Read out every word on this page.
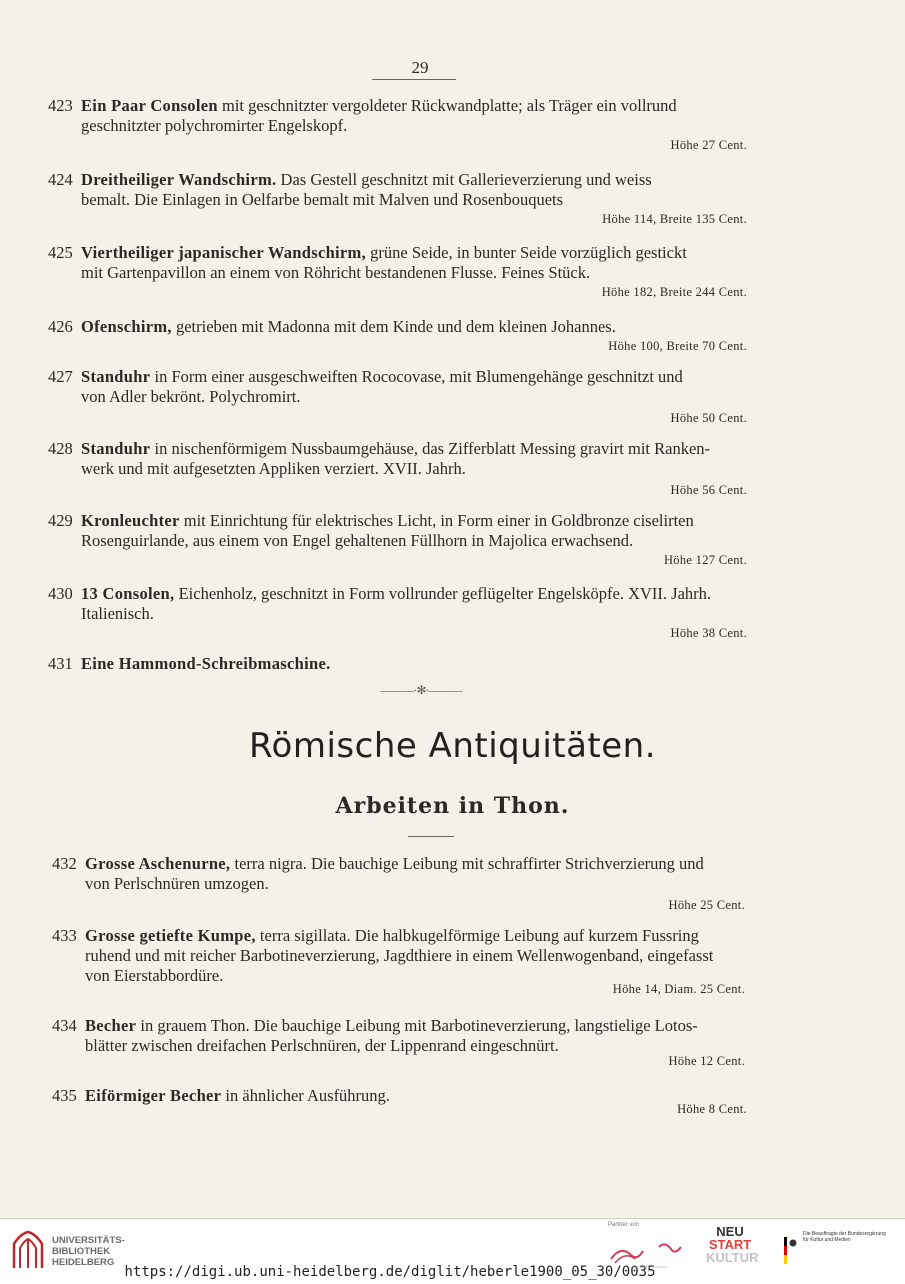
29
423 Ein Paar Consolen mit geschnitzter vergoldeter Rückwandplatte; als Träger ein vollrund
geschnitzter polychromirter Engelskopf.
Höhe 27 Cent.
424 Dreitheiliger Wandschirm. Das Gestell geschnitzt mit Gallerieverzierung und weiss
bemalt. Die Einlagen in Oelfarbe bemalt mit Malven und Rosenbouquets
Höhe 114, Breite 135 Cent.
425 Viertheiliger japanischer Wandschirm, grüne Seide, in bunter Seide vorzüglich gestickt
mit Gartenpavillon an einem von Röhricht bestandenen Flusse. Feines Stück.
Höhe 182, Breite 244 Cent.
426 Ofenschirm, getrieben mit Madonna mit dem Kinde und dem kleinen Johannes.
Höhe 100, Breite 70 Cent.
427 Standuhr in Form einer ausgeschweiften Rococovase, mit Blumengehänge geschnitzt und
von Adler bekrönt. Polychromirt.
Höhe 50 Cent.
428 Standuhr in nischenförmigem Nussbaumgehäuse, das Zifferblatt Messing gravirt mit Ranken-
werk und mit aufgesetzten Appliken verziert. XVII. Jahrh.
Höhe 56 Cent.
429 Kronleuchter mit Einrichtung für elektrisches Licht, in Form einer in Goldbronze ciselirten
Rosenguirlande, aus einem von Engel gehaltenen Füllhorn in Majolica erwachsend.
Höhe 127 Cent.
430 13 Consolen, Eichenholz, geschnitzt in Form vollrunder geflügelter Engelsköpfe. XVII. Jahrh.
Italienisch.
Höhe 38 Cent.
431 Eine Hammond-Schreibmaschine.
———·✻·———
Römische Antiquitäten.
Arbeiten in Thon.
432 Grosse Aschenurne, terra nigra. Die bauchige Leibung mit schraffirter Strichverzierung und
von Perlschnüren umzogen.
Höhe 25 Cent.
433 Grosse getiefte Kumpe, terra sigillata. Die halbkugelförmige Leibung auf kurzem Fussring
ruhend und mit reicher Barbotineverzierung, Jagdthiere in einem Wellenwogenband, eingefasst
von Eierstabbordüre.
Höhe 14, Diam. 25 Cent.
434 Becher in grauem Thon. Die bauchige Leibung mit Barbotineverzierung, langstielige Lotos-
blätter zwischen dreifachen Perlschnüren, der Lippenrand eingeschnürt.
Höhe 12 Cent.
435 Eiförmiger Becher in ähnlicher Ausführung.
Höhe 8 Cent.
UNIVERSITÄTS-
BIBLIOTHEK
HEIDELBERG
https://digi.ub.uni-heidelberg.de/diglit/heberle1900_05_30/0035
Partner von	NEU
START
KULTUR
Die Beauftragte der Bundesregierung
für Kultur und Medien
